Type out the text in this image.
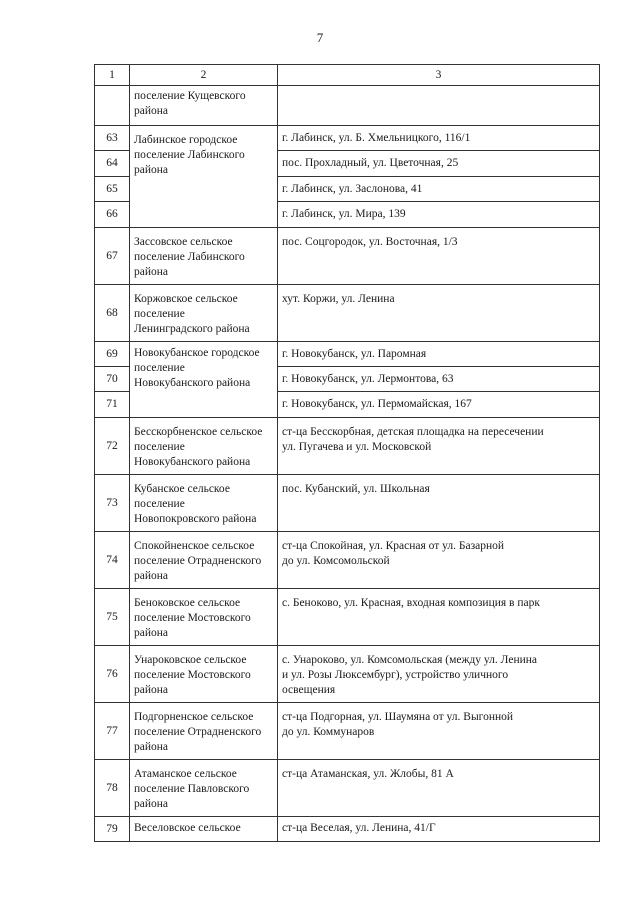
7
1	2	3
	поселение Кущевского
района	
63	Лабинское городское
поселение Лабинского
района	г. Лабинск, ул. Б. Хмельницкого, 116/1
64		пос. Прохладный, ул. Цветочная, 25
65		г. Лабинск, ул. Заслонова, 41
66		г. Лабинск, ул. Мира, 139
67	Зассовское сельское
поселение Лабинского
района	пос. Соцгородок, ул. Восточная, 1/3
68	Коржовское сельское
поселение
Ленинградского района	хут. Коржи, ул. Ленина
69	Новокубанское городское
поселение
Новокубанского района	г. Новокубанск, ул. Паромная
70		г. Новокубанск, ул. Лермонтова, 63
71		г. Новокубанск, ул. Пермомайская, 167
72	Бесскорбненское сельское
поселение
Новокубанского района	ст-ца Бесскорбная, детская площадка на пересечении
ул. Пугачева и ул. Московской
73	Кубанское сельское
поселение
Новопокровского района	пос. Кубанский, ул. Школьная
74	Спокойненское сельское
поселение Отрадненского
района	ст-ца Спокойная, ул. Красная от ул. Базарной
до ул. Комсомольской
75	Беноковское сельское
поселение Мостовского
района	с. Беноково, ул. Красная, входная композиция в парк
76	Унароковское сельское
поселение Мостовского
района	с. Унароково, ул. Комсомольская (между ул. Ленина
и ул. Розы Люксембург), устройство уличного
освещения
77	Подгорненское сельское
поселение Отрадненского
района	ст-ца Подгорная, ул. Шаумяна от ул. Выгонной
до ул. Коммунаров
78	Атаманское сельское
поселение Павловского
района	ст-ца Атаманская, ул. Жлобы, 81 А
79	Веселовское сельское	ст-ца Веселая, ул. Ленина, 41/Г
